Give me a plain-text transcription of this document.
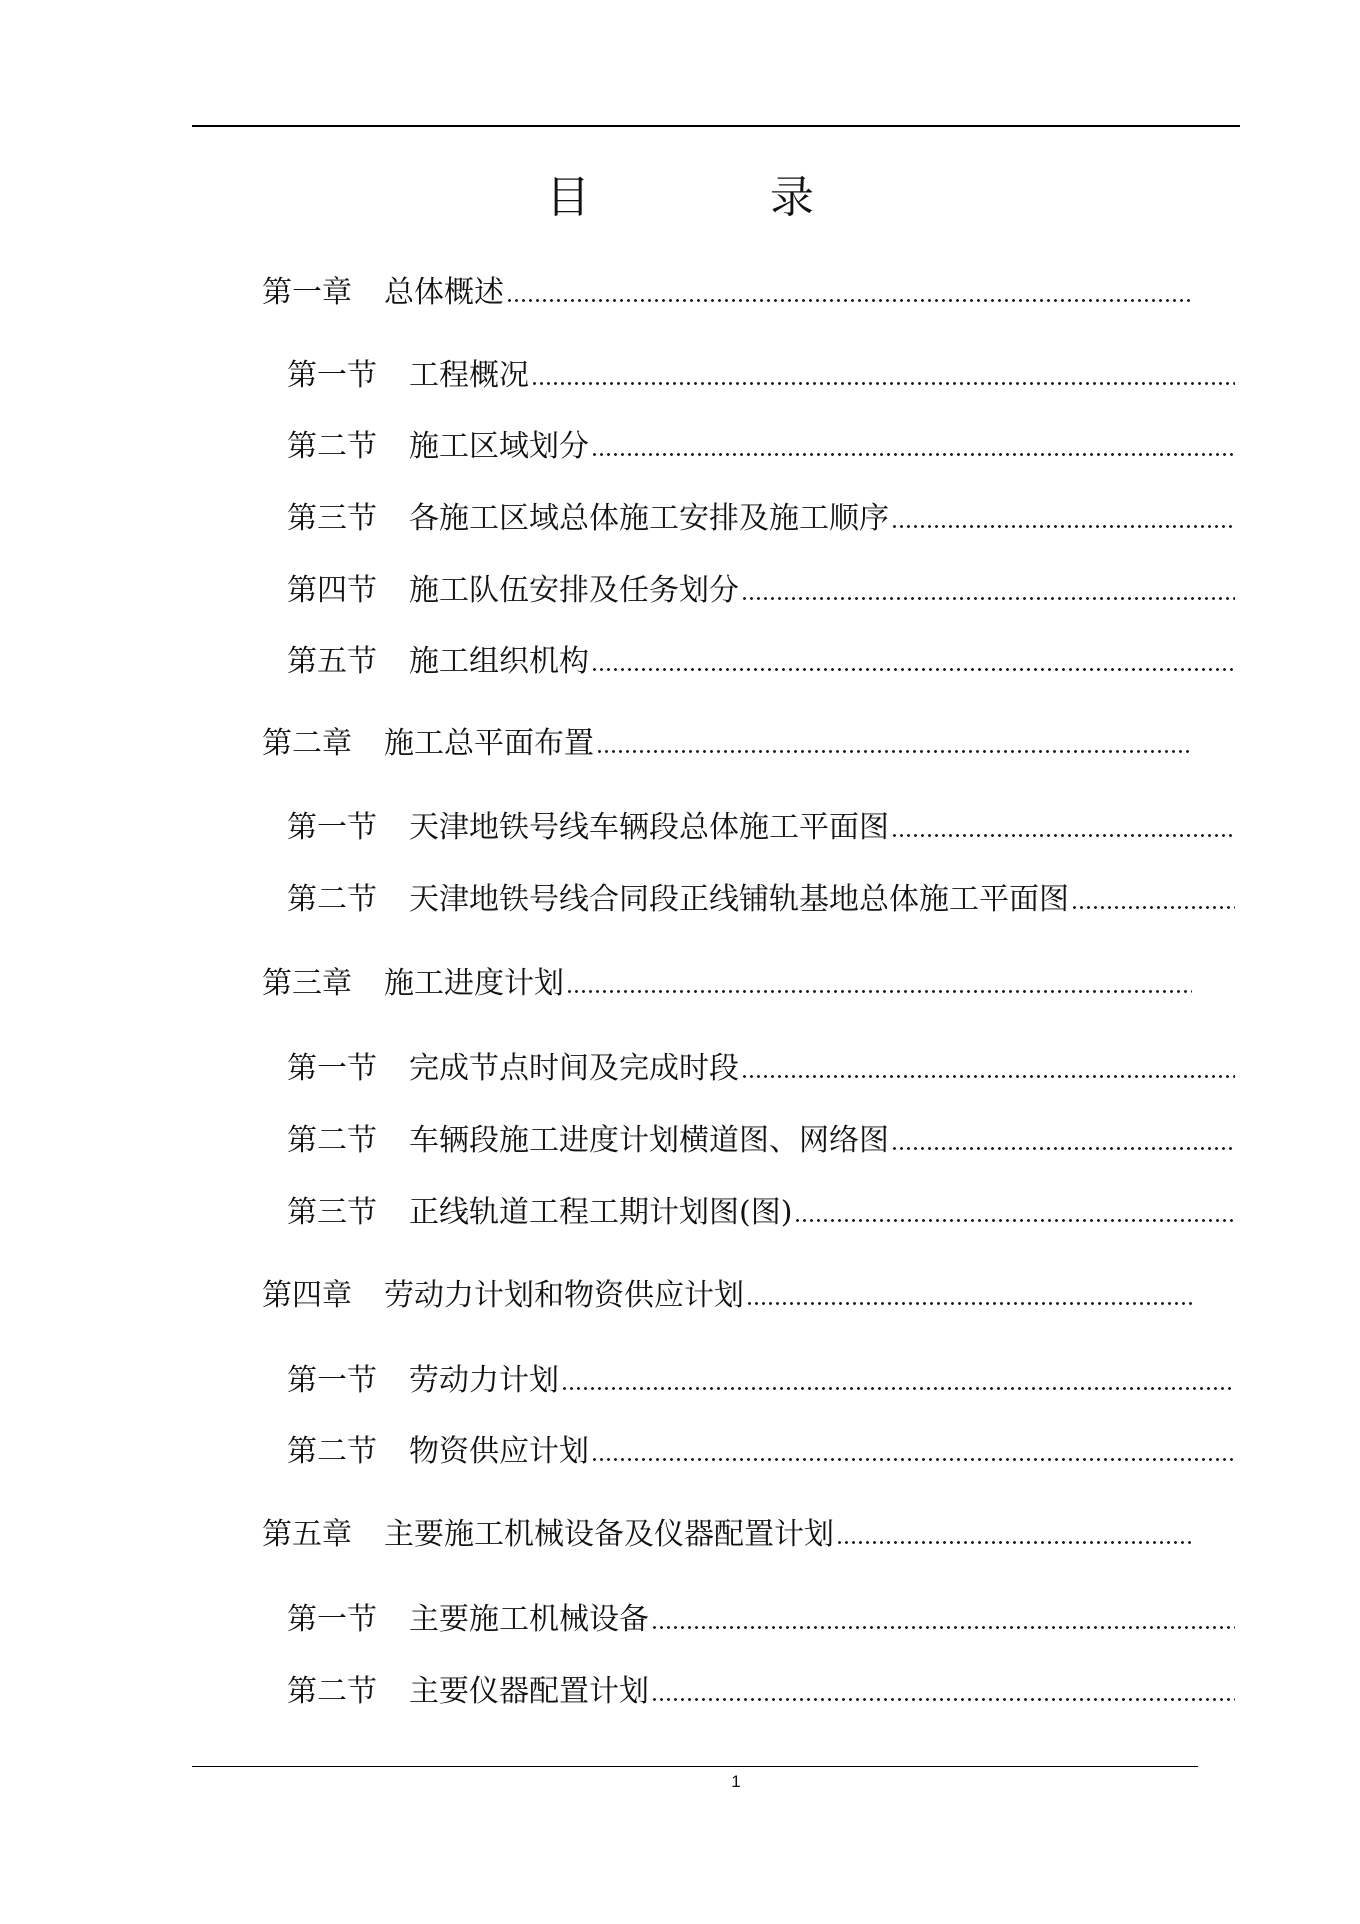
目	录
第一章 总体概述
第一节 工程概况
第二节 施工区域划分
第三节 各施工区域总体施工安排及施工顺序
第四节 施工队伍安排及任务划分
第五节 施工组织机构
第二章 施工总平面布置
第一节 天津地铁号线车辆段总体施工平面图
第二节 天津地铁号线合同段正线铺轨基地总体施工平面图
第三章 施工进度计划
第一节 完成节点时间及完成时段
第二节 车辆段施工进度计划横道图、网络图
第三节 正线轨道工程工期计划图(图)
第四章 劳动力计划和物资供应计划
第一节 劳动力计划
第二节 物资供应计划
第五章 主要施工机械设备及仪器配置计划
第一节 主要施工机械设备
第二节 主要仪器配置计划
1
